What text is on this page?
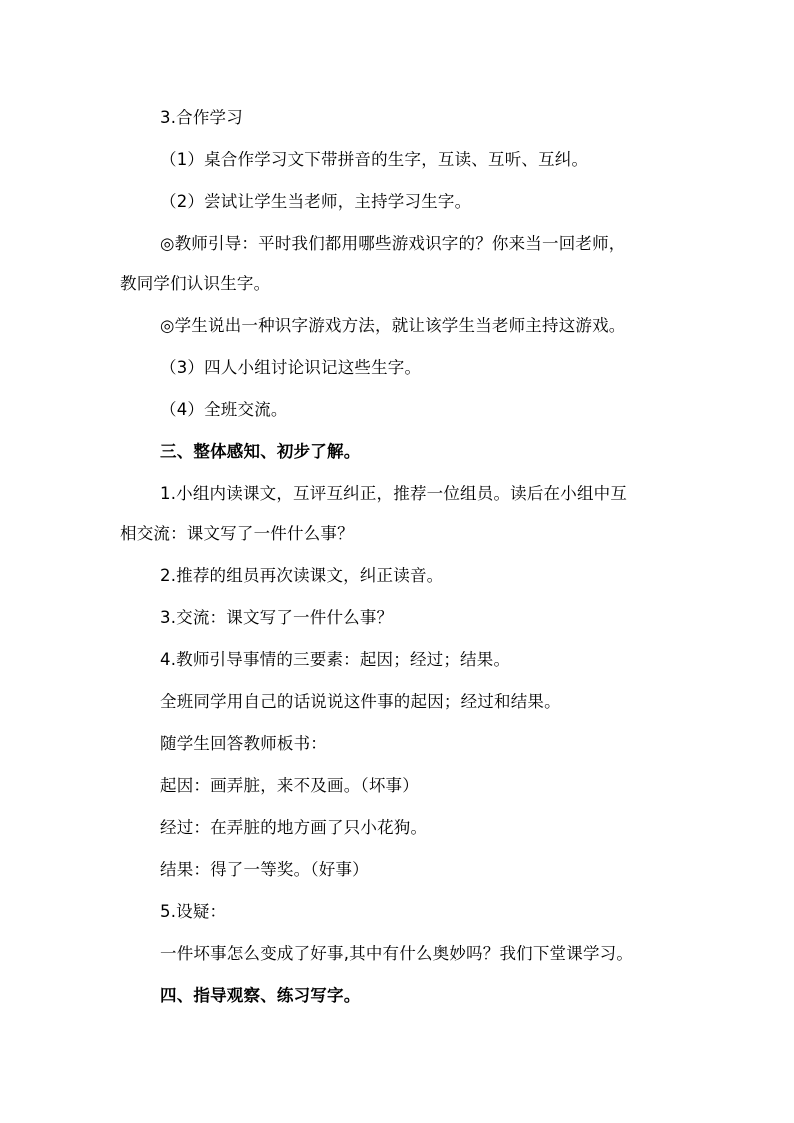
3.合作学习
（1）桌合作学习文下带拼音的生字，互读、互听、互纠。
（2）尝试让学生当老师，主持学习生字。
◎教师引导：平时我们都用哪些游戏识字的？你来当一回老师，
教同学们认识生字。
◎学生说出一种识字游戏方法，就让该学生当老师主持这游戏。
（3）四人小组讨论识记这些生字。
（4）全班交流。
三、整体感知、初步了解。
1.小组内读课文，互评互纠正，推荐一位组员。读后在小组中互
相交流：课文写了一件什么事？
2.推荐的组员再次读课文，纠正读音。
3.交流：课文写了一件什么事？
4.教师引导事情的三要素：起因；经过；结果。
全班同学用自己的话说说这件事的起因；经过和结果。
随学生回答教师板书：
起因：画弄脏，来不及画。（坏事）
经过：在弄脏的地方画了只小花狗。
结果：得了一等奖。（好事）
5.设疑：
一件坏事怎么变成了好事,其中有什么奥妙吗？我们下堂课学习。
四、指导观察、练习写字。
